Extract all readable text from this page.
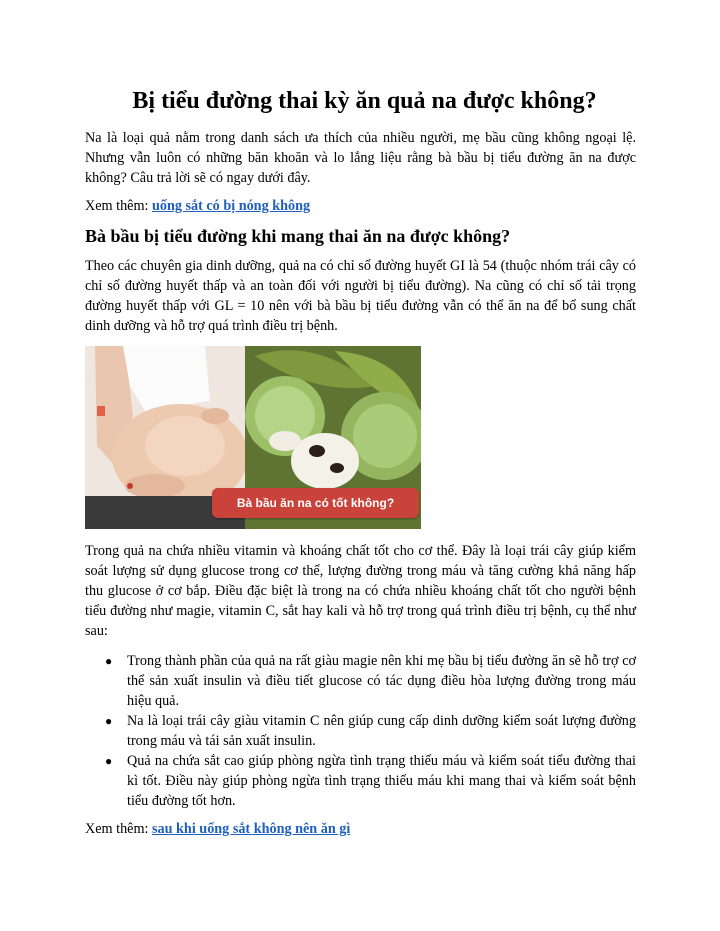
Bị tiểu đường thai kỳ ăn quả na được không?

Na là loại quả nằm trong danh sách ưa thích của nhiều người, mẹ bầu cũng không ngoại lệ. Nhưng vẫn luôn có những băn khoăn và lo lắng liệu rằng bà bầu bị tiểu đường ăn na được không? Câu trả lời sẽ có ngay dưới đây.

Xem thêm: uống sắt có bị nóng không

Bà bầu bị tiểu đường khi mang thai ăn na được không?

Theo các chuyên gia dinh dưỡng, quả na có chỉ số đường huyết GI là 54 (thuộc nhóm trái cây có chỉ số đường huyết thấp và an toàn đối với người bị tiểu đường). Na cũng có chỉ số tải trọng đường huyết thấp với GL = 10 nên với bà bầu bị tiểu đường vẫn có thể ăn na để bổ sung chất dinh dưỡng và hỗ trợ quá trình điều trị bệnh.

Bà bầu ăn na có tốt không?

Trong quả na chứa nhiều vitamin và khoáng chất tốt cho cơ thể. Đây là loại trái cây giúp kiểm soát lượng sử dụng glucose trong cơ thể, lượng đường trong máu và tăng cường khả năng hấp thu glucose ở cơ bắp. Điều đặc biệt là trong na có chứa nhiều khoáng chất tốt cho người bệnh tiểu đường như magie, vitamin C, sắt hay kali và hỗ trợ trong quá trình điều trị bệnh, cụ thể như sau:

● Trong thành phần của quả na rất giàu magie nên khi mẹ bầu bị tiểu đường ăn sẽ hỗ trợ cơ thể sản xuất insulin và điều tiết glucose có tác dụng điều hòa lượng đường trong máu hiệu quả.
● Na là loại trái cây giàu vitamin C nên giúp cung cấp dinh dưỡng kiểm soát lượng đường trong máu và tái sản xuất insulin.
● Quả na chứa sắt cao giúp phòng ngừa tình trạng thiếu máu và kiểm soát tiểu đường thai kì tốt. Điều này giúp phòng ngừa tình trạng thiếu máu khi mang thai và kiểm soát bệnh tiểu đường tốt hơn.

Xem thêm: sau khi uống sắt không nên ăn gì
